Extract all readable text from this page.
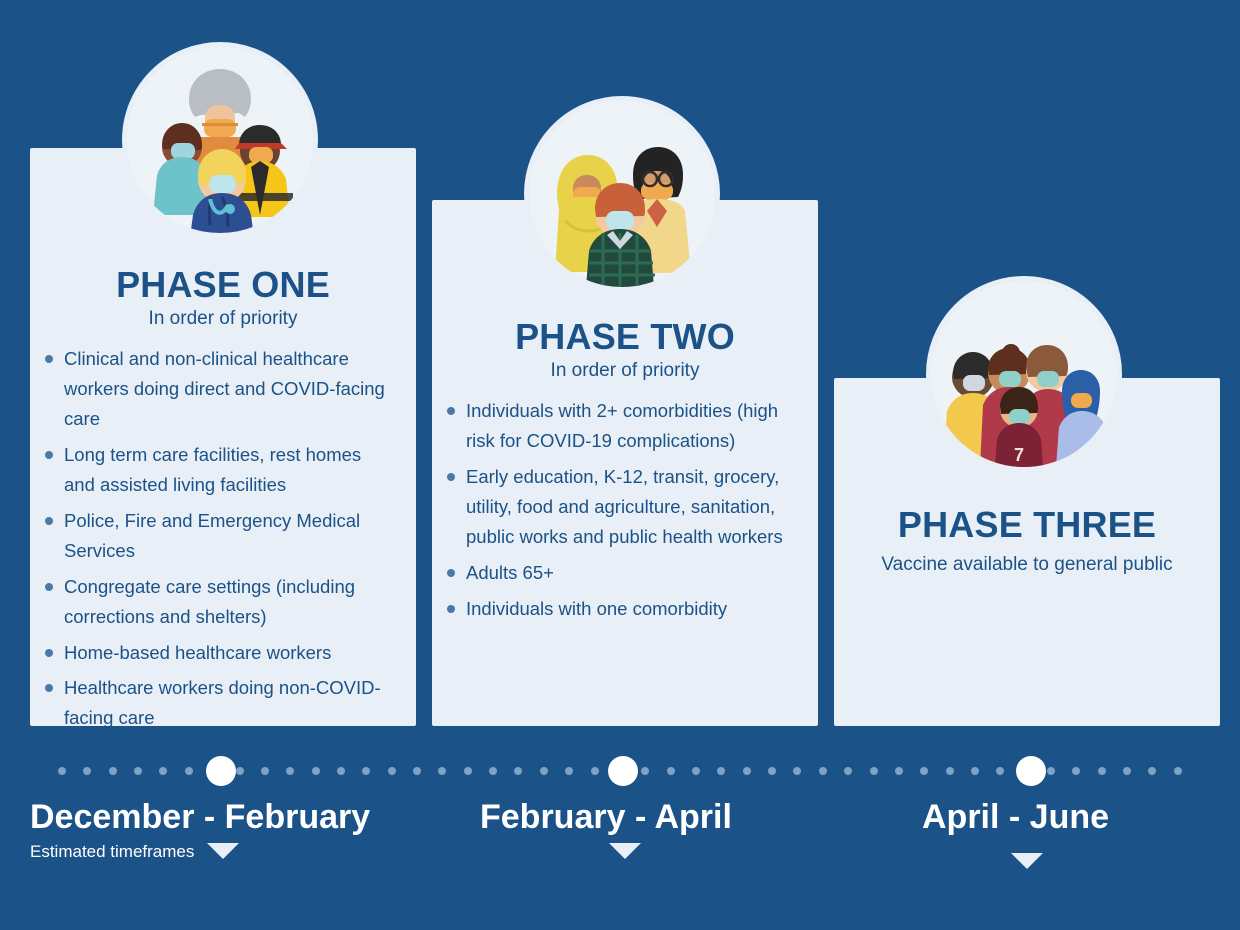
PHASE ONE
In order of priority
Clinical and non-clinical healthcare workers doing direct and COVID-facing care
Long term care facilities, rest homes and assisted living facilities
Police, Fire and Emergency Medical Services
Congregate care settings (including corrections and shelters)
Home-based healthcare workers
Healthcare workers doing non-COVID-facing care
PHASE TWO
In order of priority
Individuals with 2+ comorbidities (high risk for COVID-19 complications)
Early education, K-12, transit, grocery, utility, food and agriculture, sanitation, public works and public health workers
Adults 65+
Individuals with one comorbidity
PHASE THREE
Vaccine available to general public
7
December - February	February - April	April - June
Estimated timeframes
